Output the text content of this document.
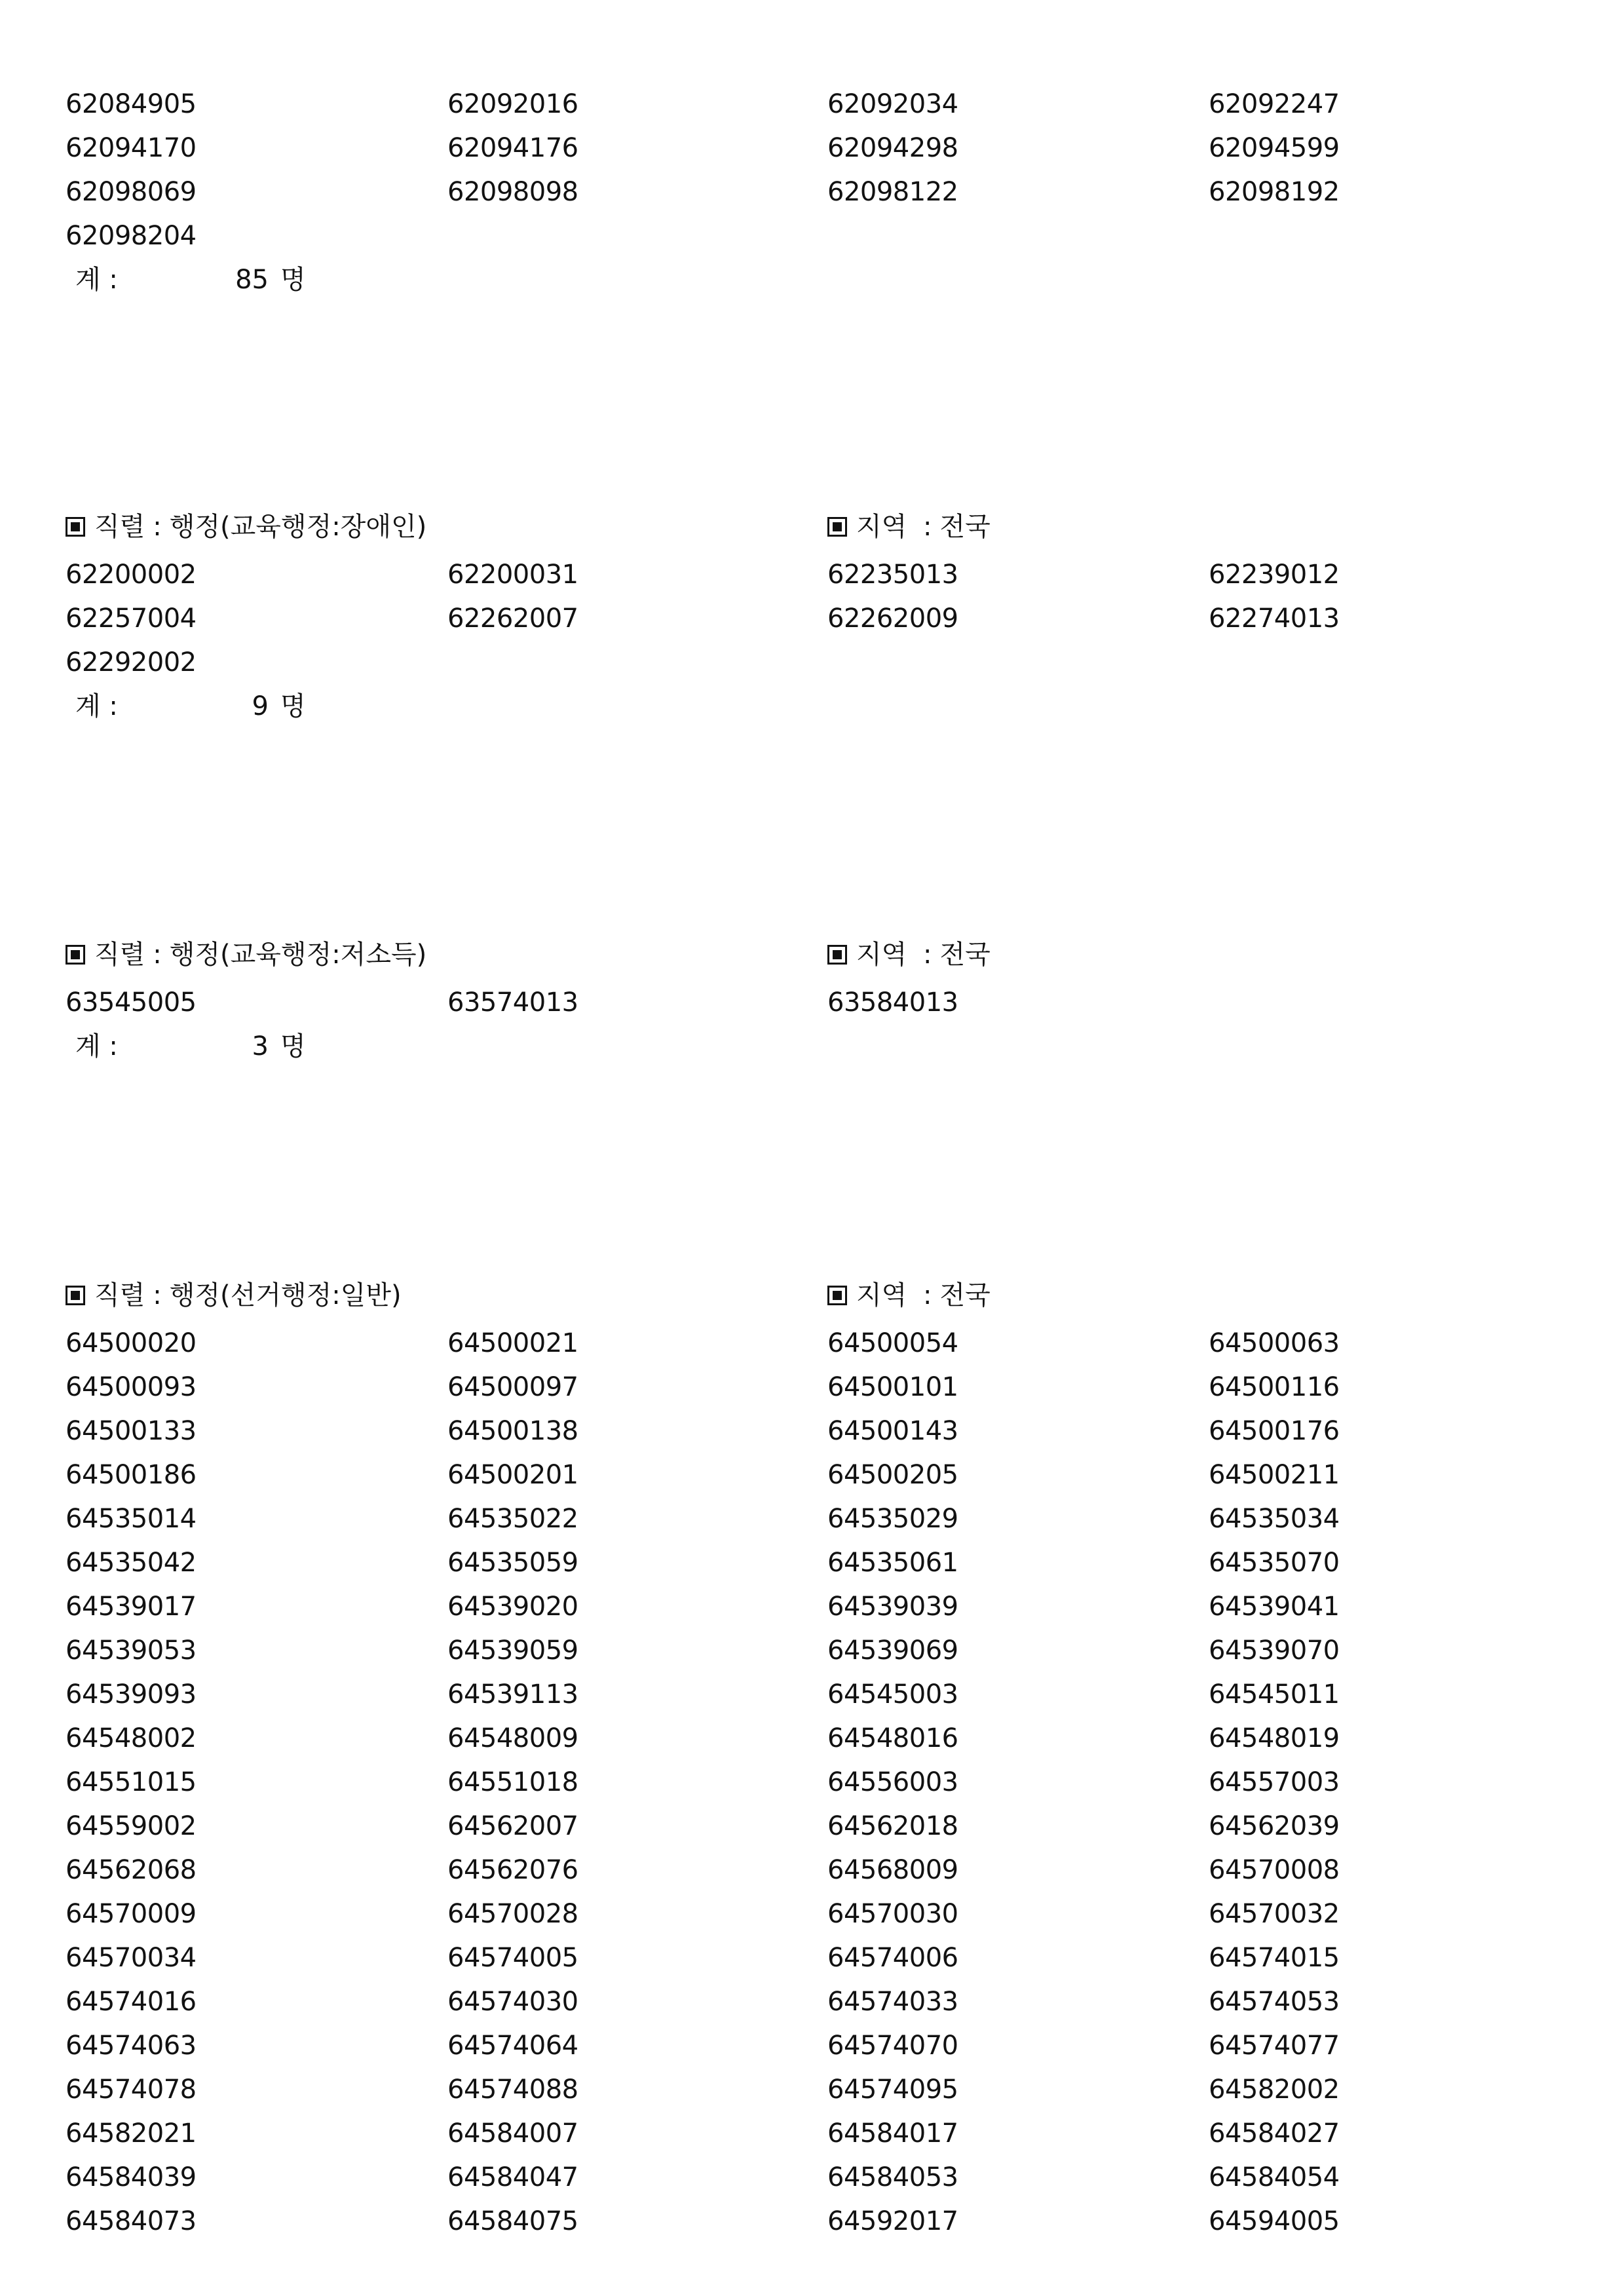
62084905	62092016	62092034	62092247
62094170	62094176	62094298	62094599
62098069	62098098	62098122	62098192
62098204
계 :	85 명
직렬 : 행정(교육행정:장애인)	지역 : 전국
62200002	62200031	62235013	62239012
62257004	62262007	62262009	62274013
62292002
계 :	9 명
직렬 : 행정(교육행정:저소득)	지역 : 전국
63545005	63574013	63584013
계 :	3 명
직렬 : 행정(선거행정:일반)	지역 : 전국
64500020	64500021	64500054	64500063
64500093	64500097	64500101	64500116
64500133	64500138	64500143	64500176
64500186	64500201	64500205	64500211
64535014	64535022	64535029	64535034
64535042	64535059	64535061	64535070
64539017	64539020	64539039	64539041
64539053	64539059	64539069	64539070
64539093	64539113	64545003	64545011
64548002	64548009	64548016	64548019
64551015	64551018	64556003	64557003
64559002	64562007	64562018	64562039
64562068	64562076	64568009	64570008
64570009	64570028	64570030	64570032
64570034	64574005	64574006	64574015
64574016	64574030	64574033	64574053
64574063	64574064	64574070	64574077
64574078	64574088	64574095	64582002
64582021	64584007	64584017	64584027
64584039	64584047	64584053	64584054
64584073	64584075	64592017	64594005
